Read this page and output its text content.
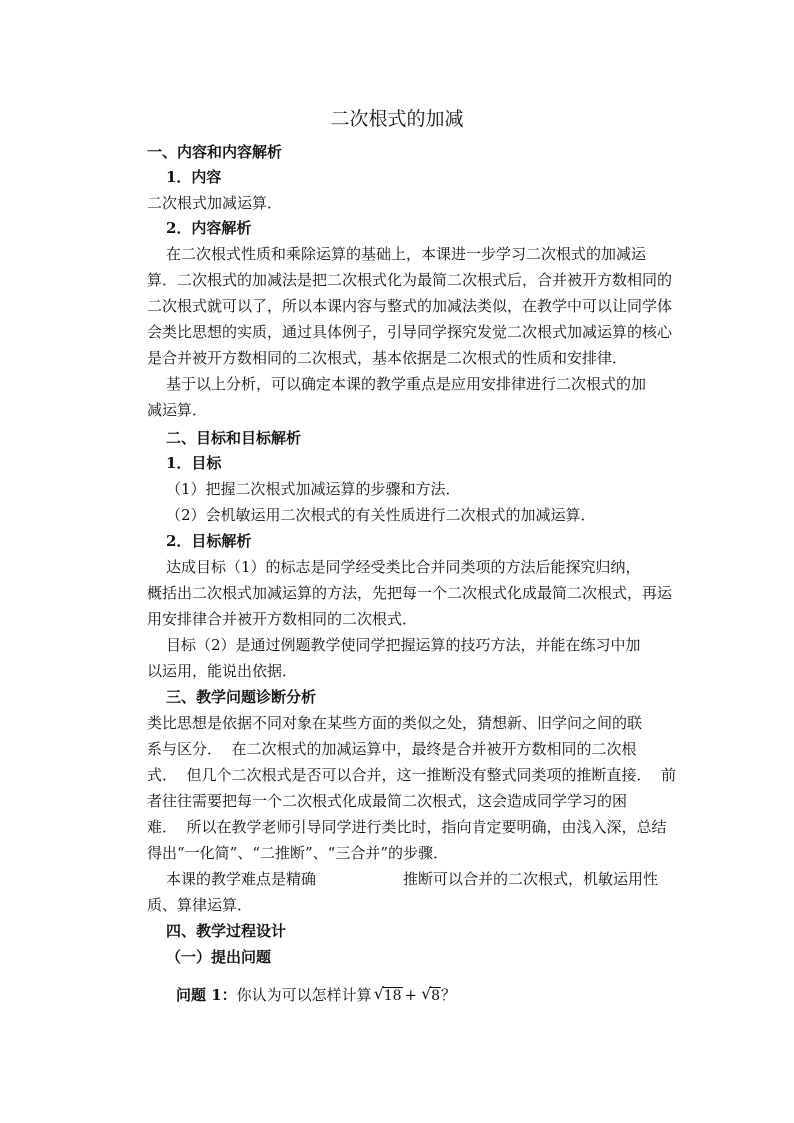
二次根式的加减
一、内容和内容解析
1．内容
二次根式加减运算．
2．内容解析
在二次根式性质和乘除运算的基础上，本课进一步学习二次根式的加减运
算．二次根式的加减法是把二次根式化为最简二次根式后，合并被开方数相同的
二次根式就可以了，所以本课内容与整式的加减法类似，在教学中可以让同学体
会类比思想的实质，通过具体例子，引导同学探究发觉二次根式加减运算的核心
是合并被开方数相同的二次根式，基本依据是二次根式的性质和安排律．
基于以上分析，可以确定本课的教学重点是应用安排律进行二次根式的加
减运算．
二、目标和目标解析
1．目标
（1）把握二次根式加减运算的步骤和方法．
（2）会机敏运用二次根式的有关性质进行二次根式的加减运算．
2．目标解析
达成目标（1）的标志是同学经受类比合并同类项的方法后能探究归纳，
概括出二次根式加减运算的方法，先把每一个二次根式化成最简二次根式，再运
用安排律合并被开方数相同的二次根式．
目标（2）是通过例题教学使同学把握运算的技巧方法，并能在练习中加
以运用，能说出依据．
三、教学问题诊断分析
类比思想是依据不同对象在某些方面的类似之处，猜想新、旧学问之间的联
系与区分．  在二次根式的加减运算中，最终是合并被开方数相同的二次根
式．  但几个二次根式是否可以合并，这一推断没有整式同类项的推断直接．  前
者往往需要把每一个二次根式化成最简二次根式，这会造成同学学习的困
难．  所以在教学老师引导同学进行类比时，指向肯定要明确，由浅入深，总结
得出“一化简”、“二推断”、“三合并”的步骤．
本课的教学难点是精确	推断可以合并的二次根式，机敏运用性
质、算律运算．
四、教学过程设计
（一）提出问题
问题 1：你认为可以怎样计算 √ 18 + √ 8？
